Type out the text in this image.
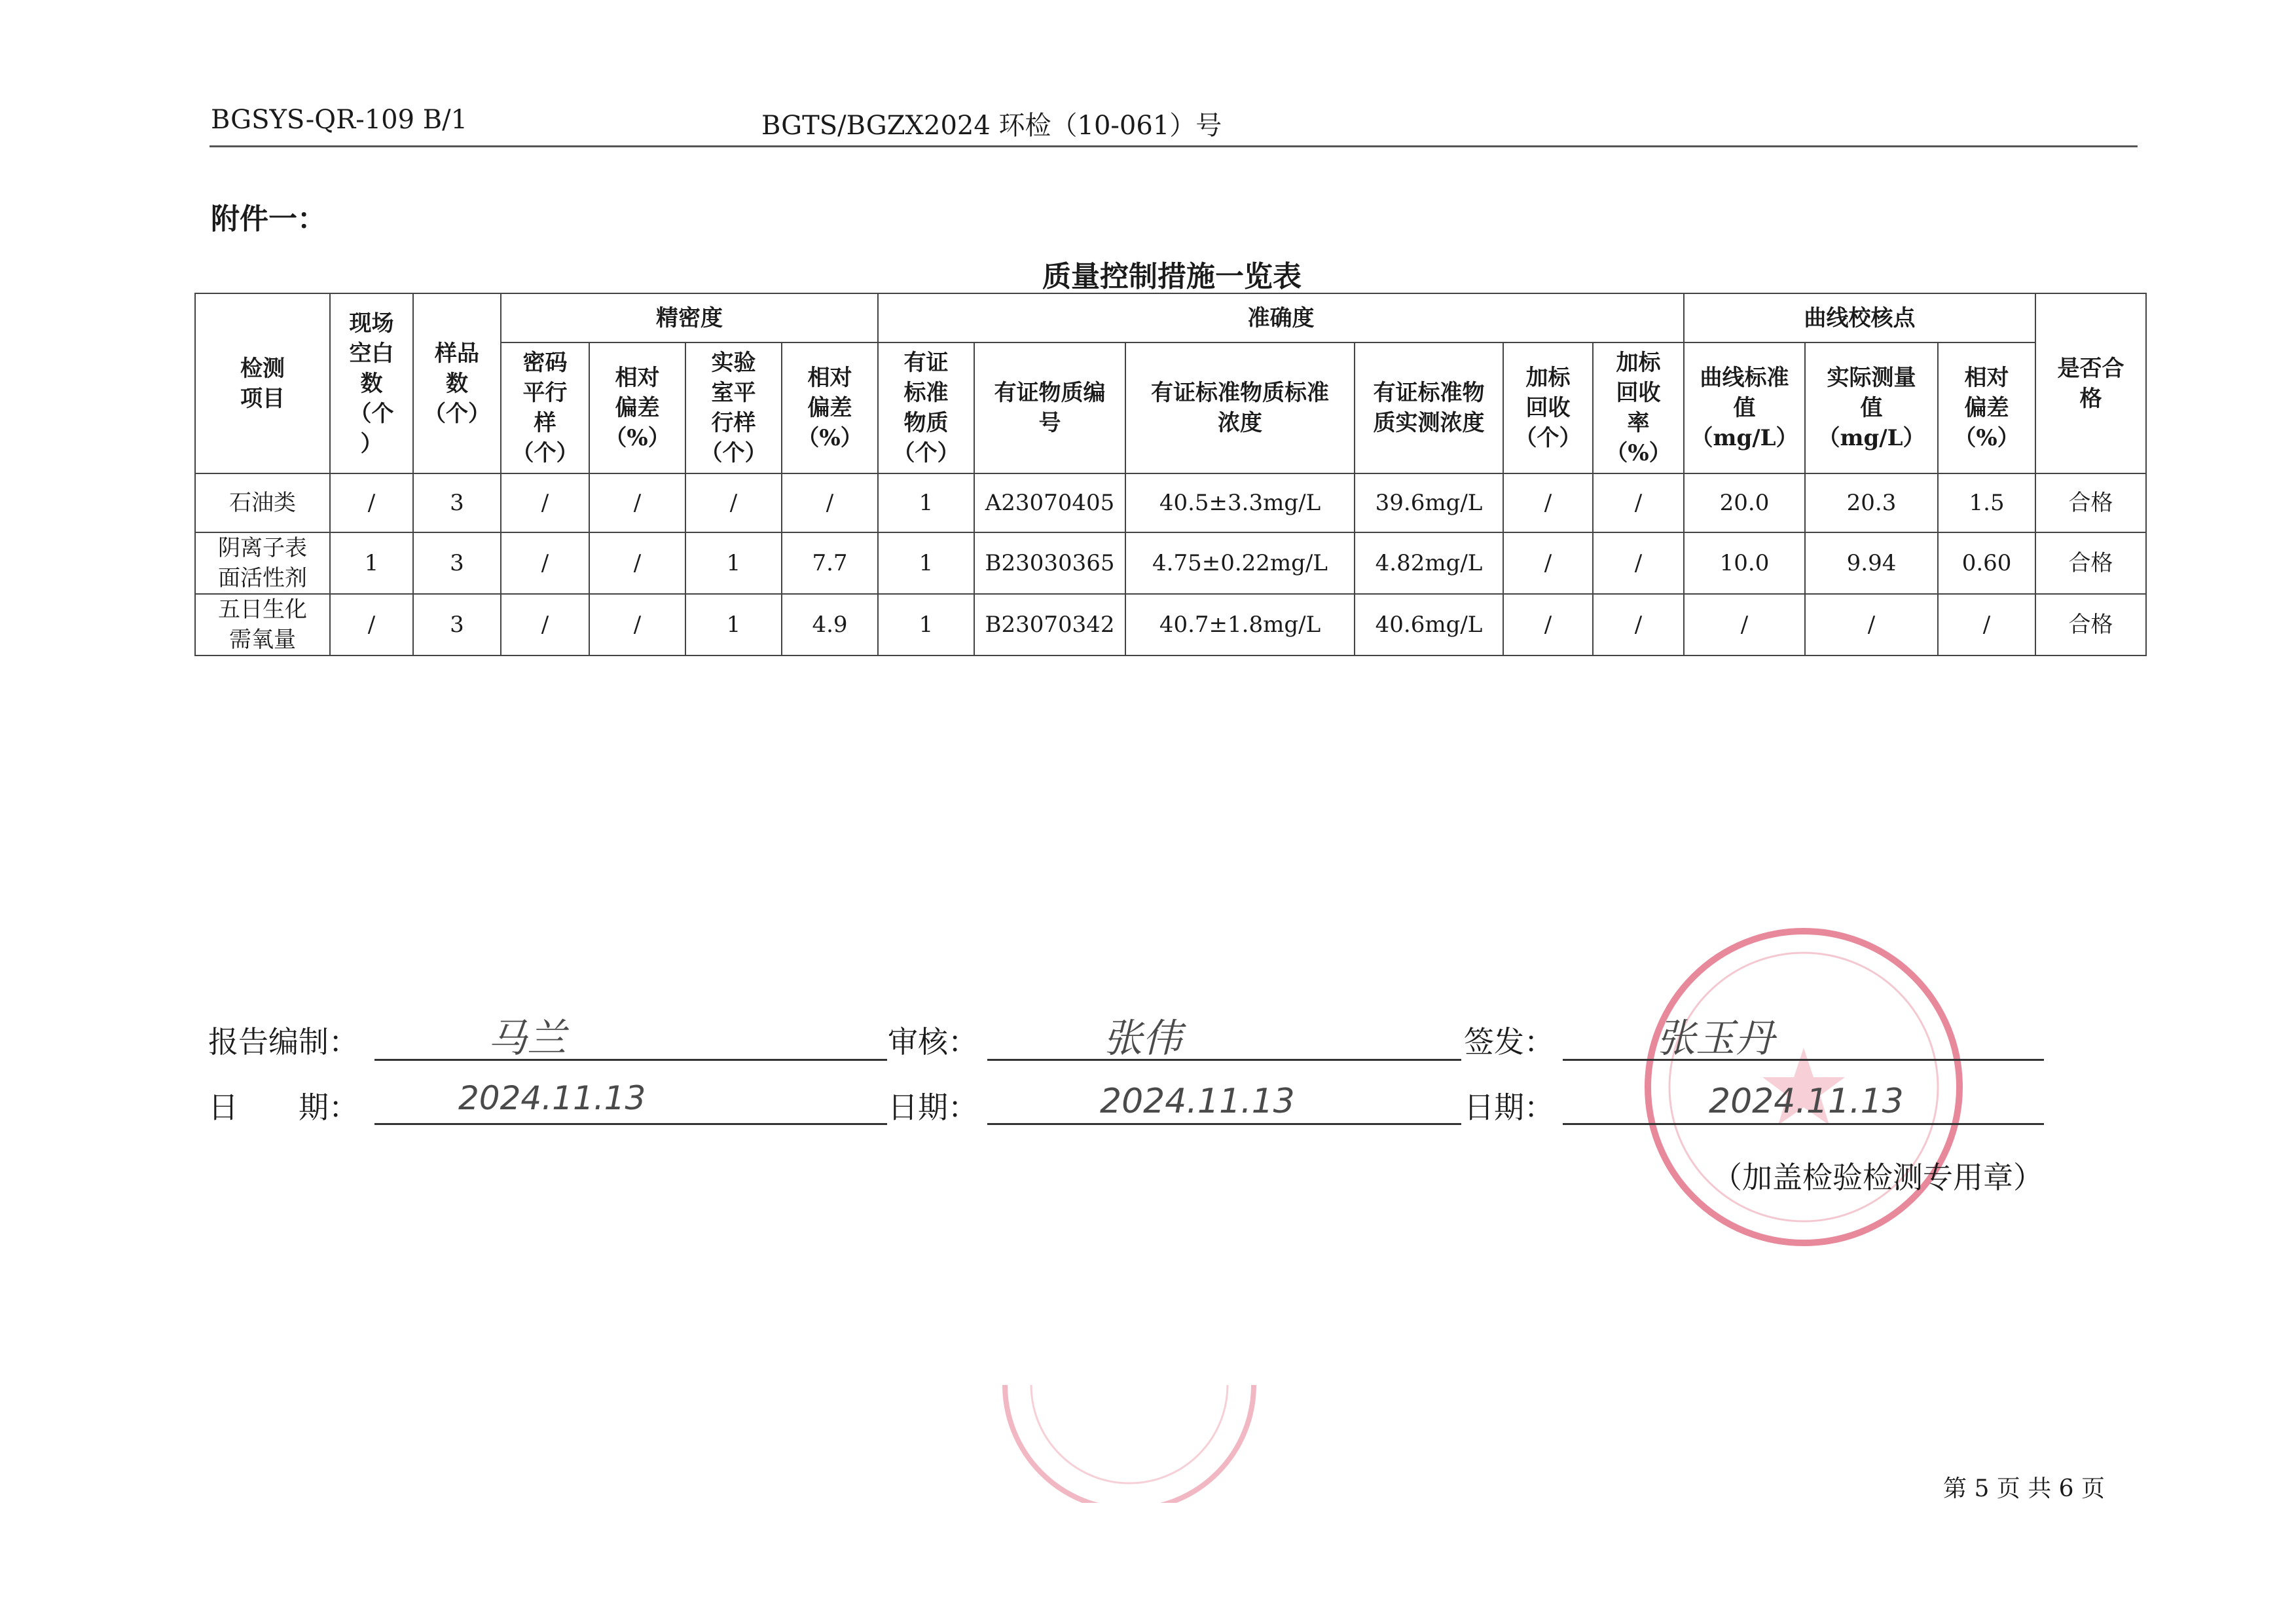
BGSYS-QR-109 B/1	BGTS/BGZX2024 环检（10-061）号
附件一：
质量控制措施一览表
检测
项目	现场
空白
数
（个
）	样品
数
（个）	精密度				准确度						曲线校核点			是否合
格
			密码
平行
样
（个）	相对
偏差
（%）	实验
室平
行样
（个）	相对
偏差
（%）	有证
标准
物质
（个）	有证物质编
号	有证标准物质标准
浓度	有证标准物
质实测浓度	加标
回收
（个）	加标
回收
率
（%）	曲线标准
值
（mg/L）	实际测量
值
（mg/L）	相对
偏差
（%）	
石油类	/	3	/	/	/	/	1	A23070405	40.5±3.3mg/L	39.6mg/L	/	/	20.0	20.3	1.5	合格
阴离子表
面活性剂	1	3	/	/	1	7.7	1	B23030365	4.75±0.22mg/L	4.82mg/L	/	/	10.0	9.94	0.60	合格
五日生化
需氧量	/	3	/	/	1	4.9	1	B23070342	40.7±1.8mg/L	40.6mg/L	/	/	/	/	/	合格
报告编制：	马兰	审核：	张伟	签发：	张玉丹
日　　期：	2024.11.13	日期：	2024.11.13	日期：	2024.11.13
（加盖检验检测专用章）
第 5 页 共 6 页
